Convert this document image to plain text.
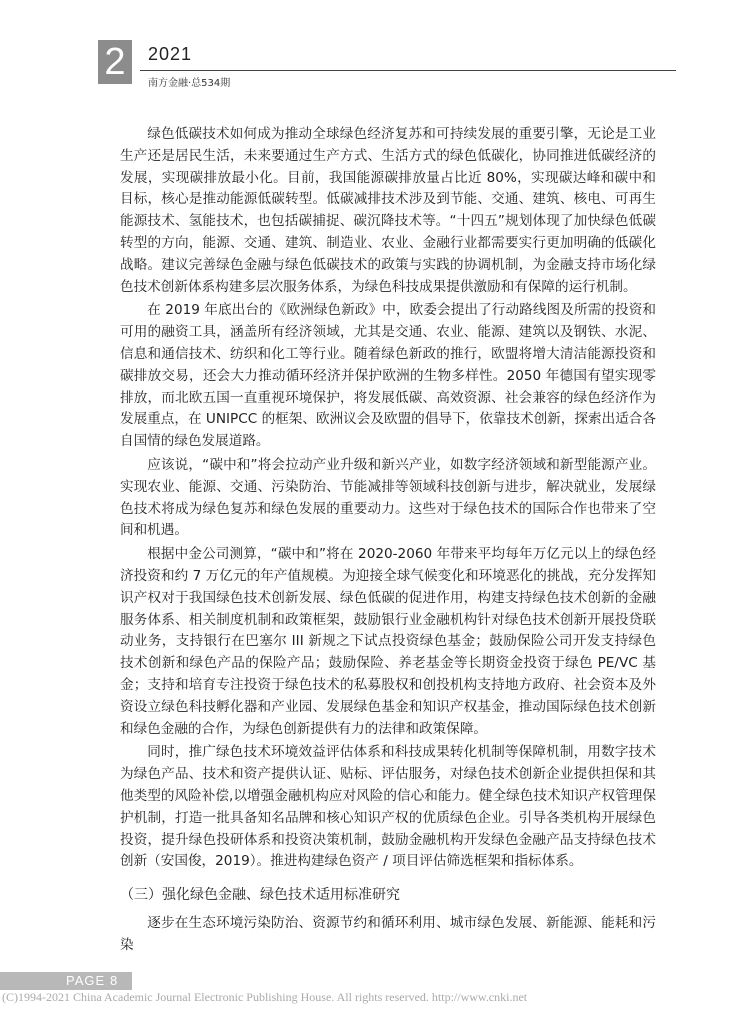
2	2021
南方金融·总534期

绿色低碳技术如何成为推动全球绿色经济复苏和可持续发展的重要引擎，无论是工业生产还是居民生活，未来要通过生产方式、生活方式的绿色低碳化，协同推进低碳经济的发展，实现碳排放最小化。目前，我国能源碳排放量占比近 80%，实现碳达峰和碳中和目标，核心是推动能源低碳转型。低碳减排技术涉及到节能、交通、建筑、核电、可再生能源技术、氢能技术，也包括碳捕捉、碳沉降技术等。“十四五”规划体现了加快绿色低碳转型的方向，能源、交通、建筑、制造业、农业、金融行业都需要实行更加明确的低碳化战略。建议完善绿色金融与绿色低碳技术的政策与实践的协调机制，为金融支持市场化绿色技术创新体系构建多层次服务体系，为绿色科技成果提供激励和有保障的运行机制。

在 2019 年底出台的《欧洲绿色新政》中，欧委会提出了行动路线图及所需的投资和可用的融资工具，涵盖所有经济领域，尤其是交通、农业、能源、建筑以及钢铁、水泥、信息和通信技术、纺织和化工等行业。随着绿色新政的推行，欧盟将增大清洁能源投资和碳排放交易，还会大力推动循环经济并保护欧洲的生物多样性。2050 年德国有望实现零排放，而北欧五国一直重视环境保护，将发展低碳、高效资源、社会兼容的绿色经济作为发展重点，在 UNIPCC 的框架、欧洲议会及欧盟的倡导下，依靠技术创新，探索出适合各自国情的绿色发展道路。

应该说，“碳中和”将会拉动产业升级和新兴产业，如数字经济领域和新型能源产业。实现农业、能源、交通、污染防治、节能减排等领域科技创新与进步，解决就业，发展绿色技术将成为绿色复苏和绿色发展的重要动力。这些对于绿色技术的国际合作也带来了空间和机遇。

根据中金公司测算，“碳中和”将在 2020-2060 年带来平均每年万亿元以上的绿色经济投资和约 7 万亿元的年产值规模。为迎接全球气候变化和环境恶化的挑战，充分发挥知识产权对于我国绿色技术创新发展、绿色低碳的促进作用，构建支持绿色技术创新的金融服务体系、相关制度机制和政策框架，鼓励银行业金融机构针对绿色技术创新开展投贷联动业务，支持银行在巴塞尔 III 新规之下试点投资绿色基金；鼓励保险公司开发支持绿色技术创新和绿色产品的保险产品；鼓励保险、养老基金等长期资金投资于绿色 PE/VC 基金；支持和培育专注投资于绿色技术的私募股权和创投机构支持地方政府、社会资本及外资设立绿色科技孵化器和产业园、发展绿色基金和知识产权基金，推动国际绿色技术创新和绿色金融的合作，为绿色创新提供有力的法律和政策保障。

同时，推广绿色技术环境效益评估体系和科技成果转化机制等保障机制，用数字技术为绿色产品、技术和资产提供认证、贴标、评估服务，对绿色技术创新企业提供担保和其他类型的风险补偿,以增强金融机构应对风险的信心和能力。健全绿色技术知识产权管理保护机制，打造一批具备知名品牌和核心知识产权的优质绿色企业。引导各类机构开展绿色投资，提升绿色投研体系和投资决策机制，鼓励金融机构开发绿色金融产品支持绿色技术创新（安国俊，2019）。推进构建绿色资产 / 项目评估筛选框架和指标体系。

（三）强化绿色金融、绿色技术适用标准研究

逐步在生态环境污染防治、资源节约和循环利用、城市绿色发展、新能源、能耗和污染

PAGE 8
(C)1994-2021 China Academic Journal Electronic Publishing House. All rights reserved. http://www.cnki.net
